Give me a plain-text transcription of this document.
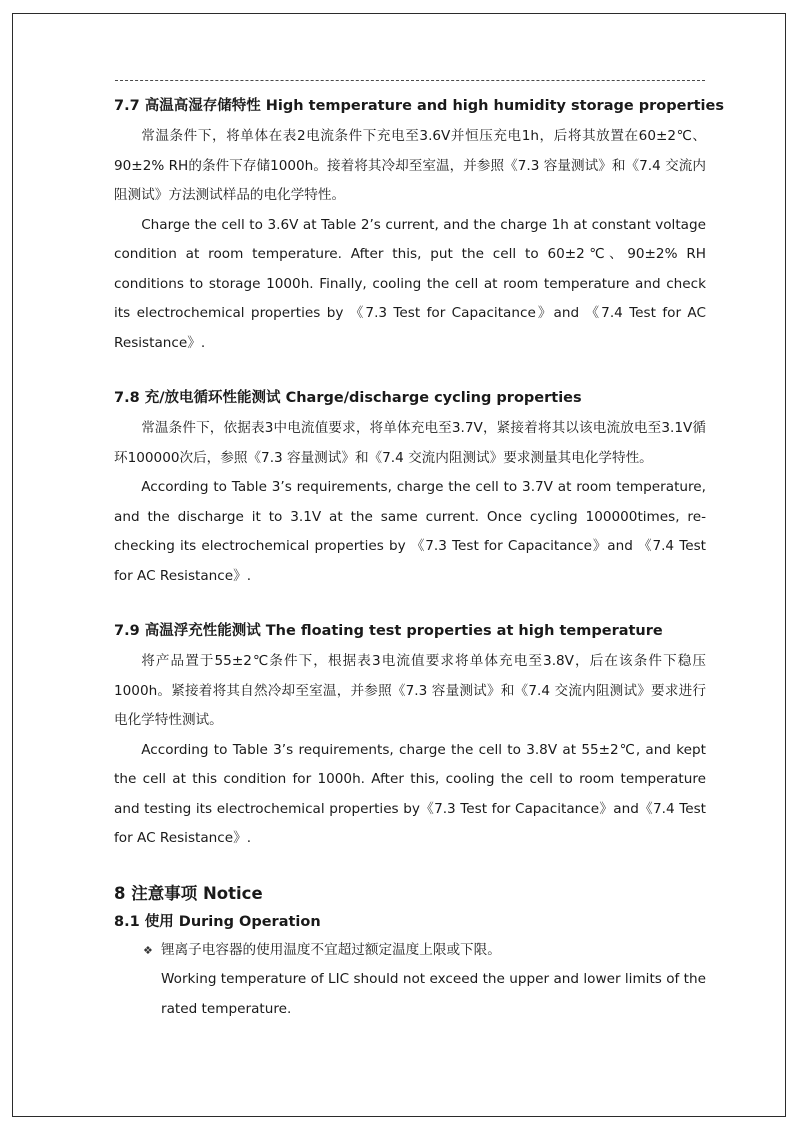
7.7 高温高湿存储特性 High temperature and high humidity storage properties

常温条件下，将单体在表2电流条件下充电至3.6V并恒压充电1h，后将其放置在60±2℃、90±2% RH的条件下存储1000h。接着将其冷却至室温，并参照《7.3 容量测试》和《7.4 交流内阻测试》方法测试样品的电化学特性。

Charge the cell to 3.6V at Table 2’s current, and the charge 1h at constant voltage condition at room temperature. After this, put the cell to 60±2℃、90±2% RH conditions to storage 1000h. Finally, cooling the cell at room temperature and check its electrochemical properties by 《7.3 Test for Capacitance》and 《7.4 Test for AC Resistance》.

7.8 充/放电循环性能测试 Charge/discharge cycling properties

常温条件下，依据表3中电流值要求，将单体充电至3.7V，紧接着将其以该电流放电至3.1V循环100000次后，参照《7.3 容量测试》和《7.4 交流内阻测试》要求测量其电化学特性。

According to Table 3’s requirements, charge the cell to 3.7V at room temperature, and the discharge it to 3.1V at the same current. Once cycling 100000times, re-checking its electrochemical properties by 《7.3 Test for Capacitance》and 《7.4 Test for AC Resistance》.

7.9 高温浮充性能测试 The floating test properties at high temperature

将产品置于55±2℃条件下，根据表3电流值要求将单体充电至3.8V，后在该条件下稳压1000h。紧接着将其自然冷却至室温，并参照《7.3 容量测试》和《7.4 交流内阻测试》要求进行电化学特性测试。

According to Table 3’s requirements, charge the cell to 3.8V at 55±2℃, and kept the cell at this condition for 1000h. After this, cooling the cell to room temperature and testing its electrochemical properties by《7.3 Test for Capacitance》and《7.4 Test for AC Resistance》.

8 注意事项 Notice

8.1 使用 During Operation

❖ 锂离子电容器的使用温度不宜超过额定温度上限或下限。

Working temperature of LIC should not exceed the upper and lower limits of the rated temperature.
